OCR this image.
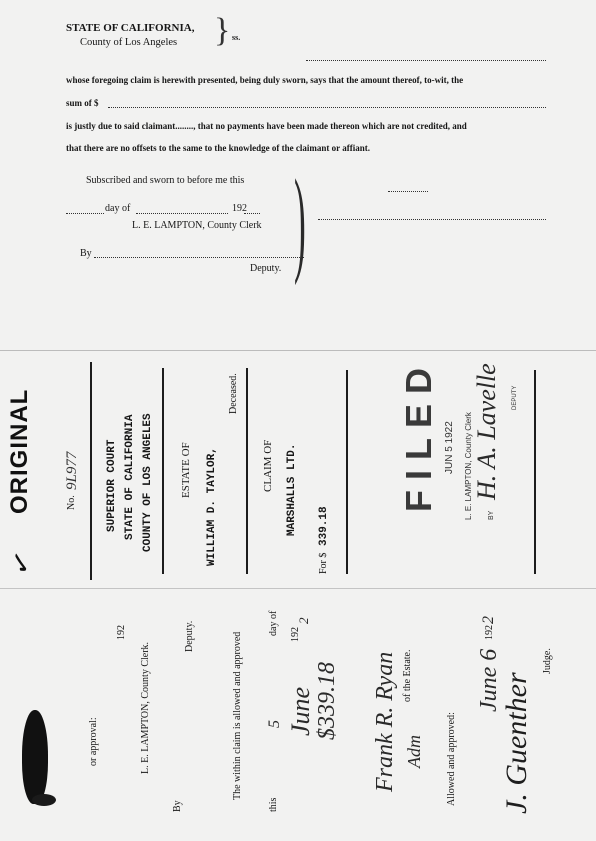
STATE OF CALIFORNIA,
County of Los Angeles } ss.
whose foregoing claim is herewith presented, being duly sworn, says that the amount thereof, to-wit, the
sum of $
is justly due to said claimant........, that no payments have been made thereon which are not credited, and
that there are no offsets to the same to the knowledge of the claimant or affiant.
Subscribed and sworn to before me this
day of	192
L. E. LAMPTON, County Clerk
By
Deputy. )
ORIGINAL
✓
No.
9L977 SUPERIOR COURT STATE OF CALIFORNIA COUNTY OF LOS ANGELES ESTATE OF WILLIAM D. TAYLOR,
Deceased.
CLAIM OF MARSHALLS LTD.
For $
339.18
FILED JUN 5 1922 L. E. LAMPTON, County Clerk BY
H. A. Lavelle DEPUTY
or approval:
192
L. E. LAMPTON, County Clerk.
By
Deputy.	The within claim is allowed and approved
this
5
day of
June
192
2
$339.18 Frank R. Ryan Adm
of the Estate.
Allowed and approved:
June 6
192
2
J. Guenther
Judge.
